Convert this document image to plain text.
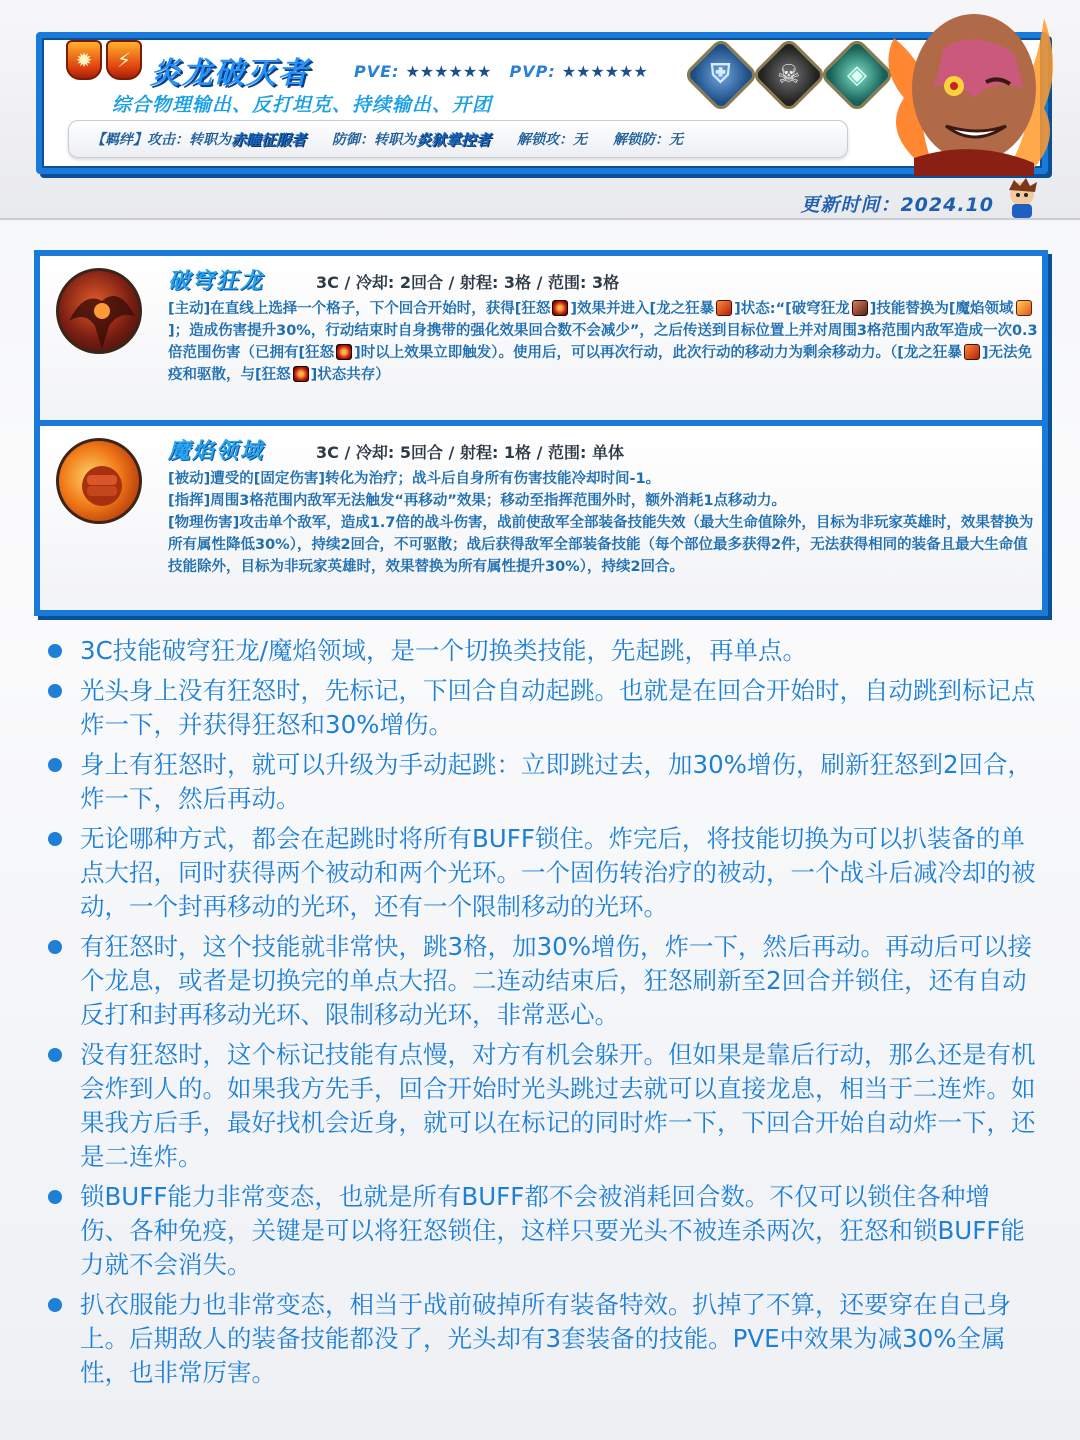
✹	⚡ 炎龙破灭者	PVE: ★★★★★★ PVP: ★★★★★★
综合物理输出、反打坦克、持续输出、开团
⛨ ☠ ◈
【羁绊】攻击：转职为 赤瞳征服者 防御：转职为 炎狱掌控者 解锁攻：无 解锁防：无
更新时间：2024.10
破穹狂龙	3C / 冷却: 2回合 / 射程: 3格 / 范围: 3格
[主动]在直线上选择一个格子，下个回合开始时，获得[狂怒 ]效果并进入[龙之狂暴 ]状态:“[破穹狂龙 ]技能替换为[魔焰领域]；造成伤害提升30%，行动结束时自身携带的强化效果回合数不会减少”，之后传送到目标位置上并对周围3格范围内敌军造成一次0.3倍范围伤害（已拥有[狂怒 ]时以上效果立即触发）。使用后，可以再次行动，此次行动的移动力为剩余移动力。（[龙之狂暴 ]无法免疫和驱散，与[狂怒 ]状态共存）
魔焰领域	3C / 冷却: 5回合 / 射程: 1格 / 范围: 单体

[被动]遭受的[固定伤害]转化为治疗；战斗后自身所有伤害技能冷却时间-1。

[指挥]周围3格范围内敌军无法触发“再移动”效果；移动至指挥范围外时，额外消耗1点移动力。

[物理伤害]攻击单个敌军，造成1.7倍的战斗伤害，战前使敌军全部装备技能失效（最大生命值除外，目标为非玩家英雄时，效果替换为所有属性降低30%），持续2回合，不可驱散；战后获得敌军全部装备技能（每个部位最多获得2件，无法获得相同的装备且最大生命值技能除外，目标为非玩家英雄时，效果替换为所有属性提升30%），持续2回合。

3C技能破穹狂龙/魔焰领域，是一个切换类技能，先起跳，再单点。
光头身上没有狂怒时，先标记，下回合自动起跳。也就是在回合开始时，自动跳到标记点炸一下，并获得狂怒和30%增伤。
身上有狂怒时，就可以升级为手动起跳：立即跳过去，加30%增伤，刷新狂怒到2回合，炸一下，然后再动。
无论哪种方式，都会在起跳时将所有BUFF锁住。炸完后，将技能切换为可以扒装备的单点大招，同时获得两个被动和两个光环。一个固伤转治疗的被动，一个战斗后减冷却的被动，一个封再移动的光环，还有一个限制移动的光环。
有狂怒时，这个技能就非常快，跳3格，加30%增伤，炸一下，然后再动。再动后可以接个龙息，或者是切换完的单点大招。二连动结束后，狂怒刷新至2回合并锁住，还有自动反打和封再移动光环、限制移动光环，非常恶心。
没有狂怒时，这个标记技能有点慢，对方有机会躲开。但如果是靠后行动，那么还是有机会炸到人的。如果我方先手，回合开始时光头跳过去就可以直接龙息，相当于二连炸。如果我方后手，最好找机会近身，就可以在标记的同时炸一下，下回合开始自动炸一下，还是二连炸。
锁BUFF能力非常变态，也就是所有BUFF都不会被消耗回合数。不仅可以锁住各种增伤、各种免疫，关键是可以将狂怒锁住，这样只要光头不被连杀两次，狂怒和锁BUFF能力就不会消失。
扒衣服能力也非常变态，相当于战前破掉所有装备特效。扒掉了不算，还要穿在自己身上。后期敌人的装备技能都没了，光头却有3套装备的技能。PVE中效果为减30%全属性，也非常厉害。
